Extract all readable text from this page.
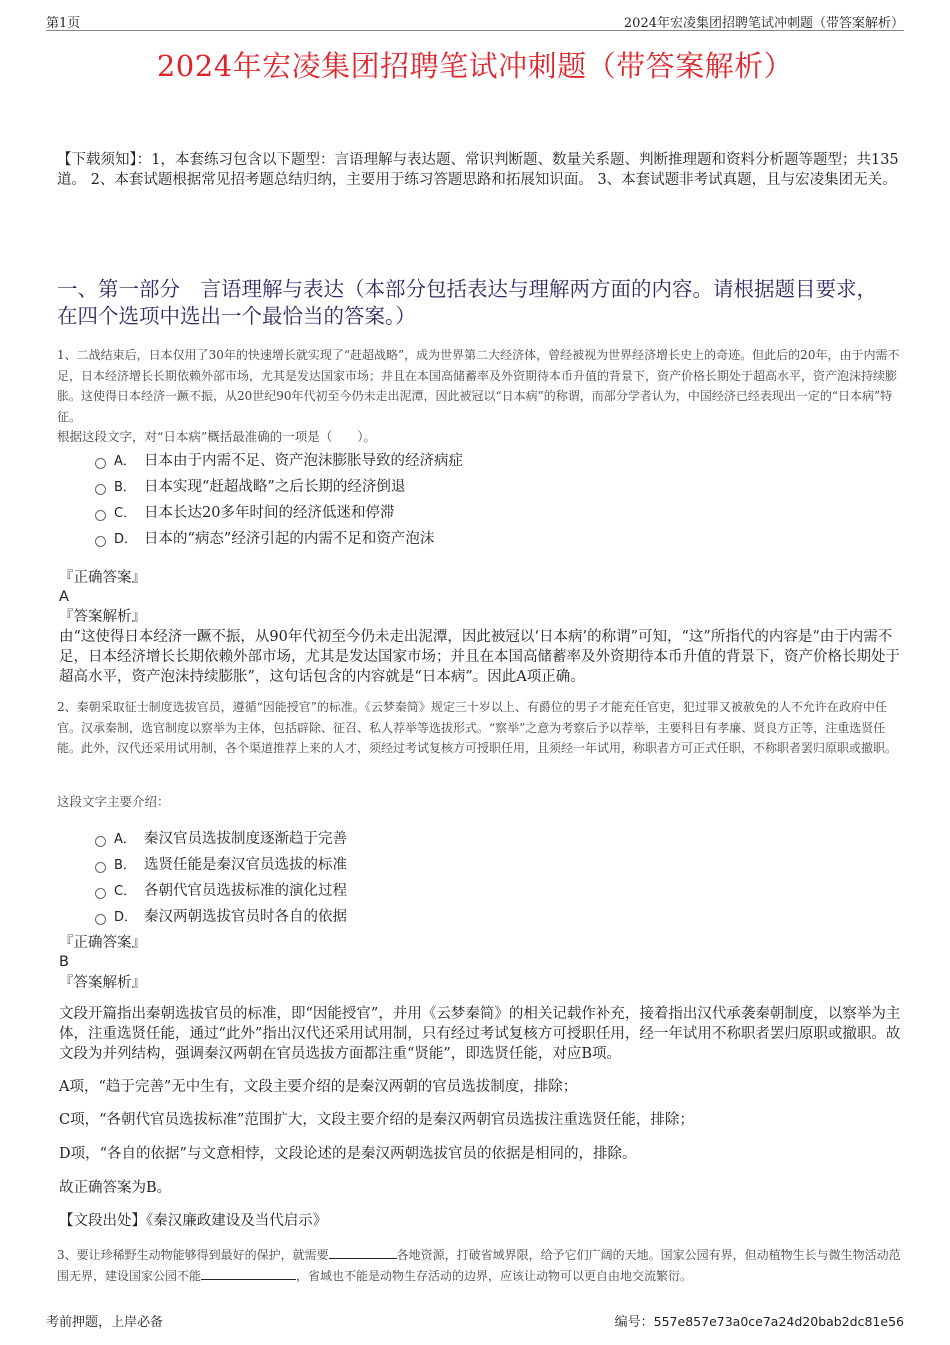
第1页	2024年宏凌集团招聘笔试冲刺题（带答案解析）
2024年宏凌集团招聘笔试冲刺题（带答案解析）
【下载须知】：1，本套练习包含以下题型：言语理解与表达题、常识判断题、数量关系题、判断推理题和资料分析题等题型；共135道。 2、本套试题根据常见招考题总结归纳，主要用于练习答题思路和拓展知识面。 3、本套试题非考试真题，且与宏凌集团无关。
一、第一部分　言语理解与表达（本部分包括表达与理解两方面的内容。请根据题目要求，在四个选项中选出一个最恰当的答案。）
1、二战结束后，日本仅用了30年的快速增长就实现了“赶超战略”，成为世界第二大经济体，曾经被视为世界经济增长史上的奇迹。但此后的20年，由于内需不足，日本经济增长长期依赖外部市场，尤其是发达国家市场；并且在本国高储蓄率及外资期待本币升值的背景下，资产价格长期处于超高水平，资产泡沫持续膨胀。这使得日本经济一蹶不振，从20世纪90年代初至今仍未走出泥潭，因此被冠以“日本病”的称谓，而部分学者认为，中国经济已经表现出一定的“日本病”特征。
根据这段文字，对“日本病”概括最准确的一项是（　　）。
A． 日本由于内需不足、资产泡沫膨胀导致的经济病症
B． 日本实现“赶超战略”之后长期的经济倒退
C． 日本长达20多年时间的经济低迷和停滞
D． 日本的“病态”经济引起的内需不足和资产泡沫
『正确答案』
A
『答案解析』
由“这使得日本经济一蹶不振，从90年代初至今仍未走出泥潭，因此被冠以‘日本病’的称谓”可知，“这”所指代的内容是“由于内需不足，日本经济增长长期依赖外部市场，尤其是发达国家市场；并且在本国高储蓄率及外资期待本币升值的背景下，资产价格长期处于超高水平，资产泡沫持续膨胀”，这句话包含的内容就是“日本病”。因此A项正确。
2、秦朝采取征士制度选拔官员，遵循“因能授官”的标准。《云梦秦简》规定三十岁以上、有爵位的男子才能充任官吏，犯过罪又被赦免的人不允许在政府中任官。汉承秦制，选官制度以察举为主体，包括辟除、征召、私人荐举等选拔形式。“察举”之意为考察后予以荐举，主要科目有孝廉、贤良方正等，注重选贤任能。此外，汉代还采用试用制，各个渠道推荐上来的人才，须经过考试复核方可授职任用，且须经一年试用，称职者方可正式任职，不称职者罢归原职或撤职。
这段文字主要介绍：
A． 秦汉官员选拔制度逐渐趋于完善
B． 选贤任能是秦汉官员选拔的标准
C． 各朝代官员选拔标准的演化过程
D． 秦汉两朝选拔官员时各自的依据
『正确答案』
B
『答案解析』
文段开篇指出秦朝选拔官员的标准，即“因能授官”，并用《云梦秦简》的相关记载作补充，接着指出汉代承袭秦朝制度，以察举为主体，注重选贤任能，通过“此外”指出汉代还采用试用制，只有经过考试复核方可授职任用，经一年试用不称职者罢归原职或撤职。故文段为并列结构，强调秦汉两朝在官员选拔方面都注重“贤能”，即选贤任能，对应B项。
A项，“趋于完善”无中生有，文段主要介绍的是秦汉两朝的官员选拔制度，排除；
C项，“各朝代官员选拔标准”范围扩大，文段主要介绍的是秦汉两朝官员选拔注重选贤任能，排除；
D项，“各自的依据”与文意相悖，文段论述的是秦汉两朝选拔官员的依据是相同的，排除。
故正确答案为B。
【文段出处】《秦汉廉政建设及当代启示》
3、要让珍稀野生动物能够得到最好的保护，就需要	各地资源，打破省域界限，给予它们广阔的天地。国家公园有界，但动植物生长与微生物活动范围无界，建设国家公园不能	，省域也不能是动物生存活动的边界，应该让动物可以更自由地交流繁衍。
考前押题，上岸必备	编号：557e857e73a0ce7a24d20bab2dc81e56
